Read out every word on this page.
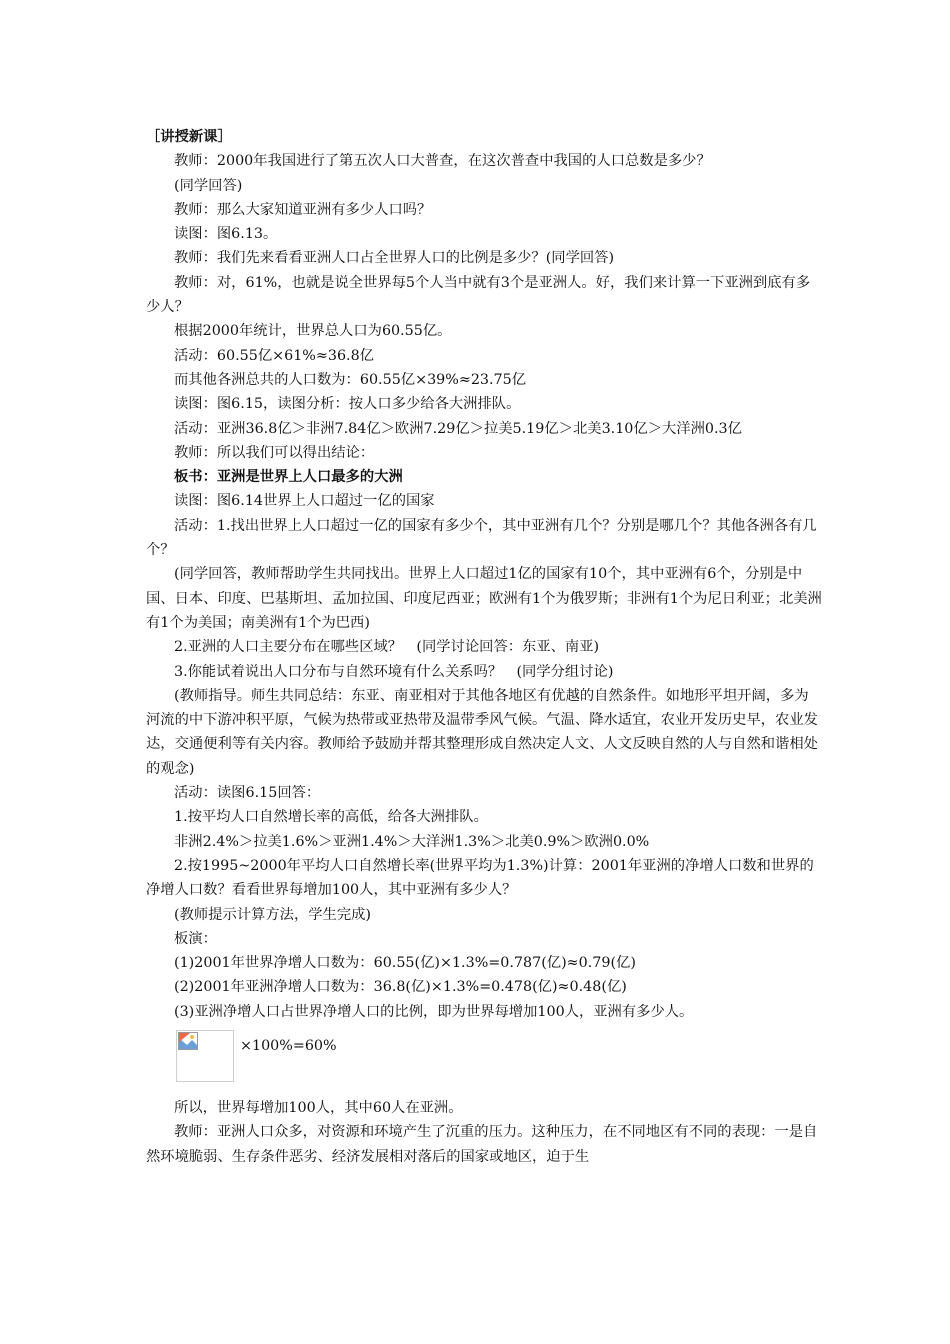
［讲授新课］

教师：2000年我国进行了第五次人口大普查，在这次普查中我国的人口总数是多少？

(同学回答)

教师：那么大家知道亚洲有多少人口吗？

读图：图6.13。

教师：我们先来看看亚洲人口占全世界人口的比例是多少？(同学回答)

教师：对，61%，也就是说全世界每5个人当中就有3个是亚洲人。好，我们来计算一下亚洲到底有多少人？

根据2000年统计，世界总人口为60.55亿。

活动：60.55亿×61%≈36.8亿

而其他各洲总共的人口数为：60.55亿×39%≈23.75亿

读图：图6.15，读图分析：按人口多少给各大洲排队。

活动：亚洲36.8亿＞非洲7.84亿＞欧洲7.29亿＞拉美5.19亿＞北美3.10亿＞大洋洲0.3亿

教师：所以我们可以得出结论：

板书：亚洲是世界上人口最多的大洲

读图：图6.14世界上人口超过一亿的国家

活动：1.找出世界上人口超过一亿的国家有多少个，其中亚洲有几个？分别是哪几个？其他各洲各有几个？

(同学回答，教师帮助学生共同找出。世界上人口超过1亿的国家有10个，其中亚洲有6个，分别是中国、日本、印度、巴基斯坦、孟加拉国、印度尼西亚；欧洲有1个为俄罗斯；非洲有1个为尼日利亚；北美洲有1个为美国；南美洲有1个为巴西)

2.亚洲的人口主要分布在哪些区域？　(同学讨论回答：东亚、南亚)

3.你能试着说出人口分布与自然环境有什么关系吗？　(同学分组讨论)

(教师指导。师生共同总结：东亚、南亚相对于其他各地区有优越的自然条件。如地形平坦开阔，多为河流的中下游冲积平原，气候为热带或亚热带及温带季风气候。气温、降水适宜，农业开发历史早，农业发达，交通便利等有关内容。教师给予鼓励并帮其整理形成自然决定人文、人文反映自然的人与自然和谐相处的观念)

活动：读图6.15回答：

1.按平均人口自然增长率的高低，给各大洲排队。

非洲2.4%＞拉美1.6%＞亚洲1.4%＞大洋洲1.3%＞北美0.9%＞欧洲0.0%

2.按1995~2000年平均人口自然增长率(世界平均为1.3%)计算：2001年亚洲的净增人口数和世界的净增人口数？看看世界每增加100人，其中亚洲有多少人？

(教师提示计算方法，学生完成)

板演：

(1)2001年世界净增人口数为：60.55(亿)×1.3%=0.787(亿)≈0.79(亿)

(2)2001年亚洲净增人口数为：36.8(亿)×1.3%=0.478(亿)≈0.48(亿)

(3)亚洲净增人口占世界净增人口的比例，即为世界每增加100人，亚洲有多少人。

×100%=60%

所以，世界每增加100人，其中60人在亚洲。

教师：亚洲人口众多，对资源和环境产生了沉重的压力。这种压力，在不同地区有不同的表现：一是自然环境脆弱、生存条件恶劣、经济发展相对落后的国家或地区，迫于生
